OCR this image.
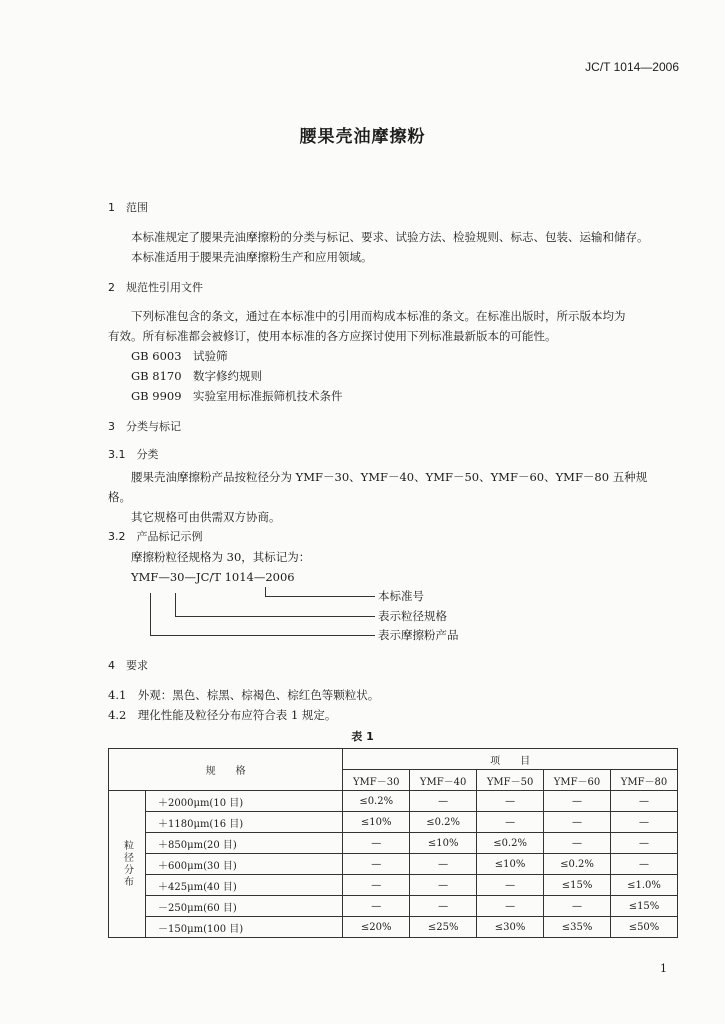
JC/T 1014—2006
腰果壳油摩擦粉
1　范围
本标准规定了腰果壳油摩擦粉的分类与标记、要求、试验方法、检验规则、标志、包装、运输和储存。
本标准适用于腰果壳油摩擦粉生产和应用领域。
2　规范性引用文件
下列标准包含的条文，通过在本标准中的引用而构成本标准的条文。在标准出版时，所示版本均为
有效。所有标准都会被修订，使用本标准的各方应探讨使用下列标准最新版本的可能性。
GB 6003 试验筛
GB 8170 数字修约规则
GB 9909 实验室用标准振筛机技术条件
3　分类与标记
3.1　分类
腰果壳油摩擦粉产品按粒径分为 YMF－30、YMF－40、YMF－50、YMF－60、YMF－80 五种规
格。
其它规格可由供需双方协商。
3.2　产品标记示例
摩擦粉粒径规格为 30，其标记为：
YMF—30—JC/T 1014—2006
本标准号
表示粒径规格
表示摩擦粉产品
4　要求
4.1　外观：黑色、棕黑、棕褐色、棕红色等颗粒状。
4.2　理化性能及粒径分布应符合表 1 规定。
表 1
规　　格		项　　目				
		YMF－30	YMF－40	YMF－50	YMF－60	YMF－80
粒径分布	＋2000μm(10 目)	≤0.2%	—	—	—	—
	＋1180μm(16 目)	≤10%	≤0.2%	—	—	—
	＋850μm(20 目)	—	≤10%	≤0.2%	—	—
	＋600μm(30 目)	—	—	≤10%	≤0.2%	—
	＋425μm(40 目)	—	—	—	≤15%	≤1.0%
	－250μm(60 目)	—	—	—	—	≤15%
	－150μm(100 目)	≤20%	≤25%	≤30%	≤35%	≤50%
1
